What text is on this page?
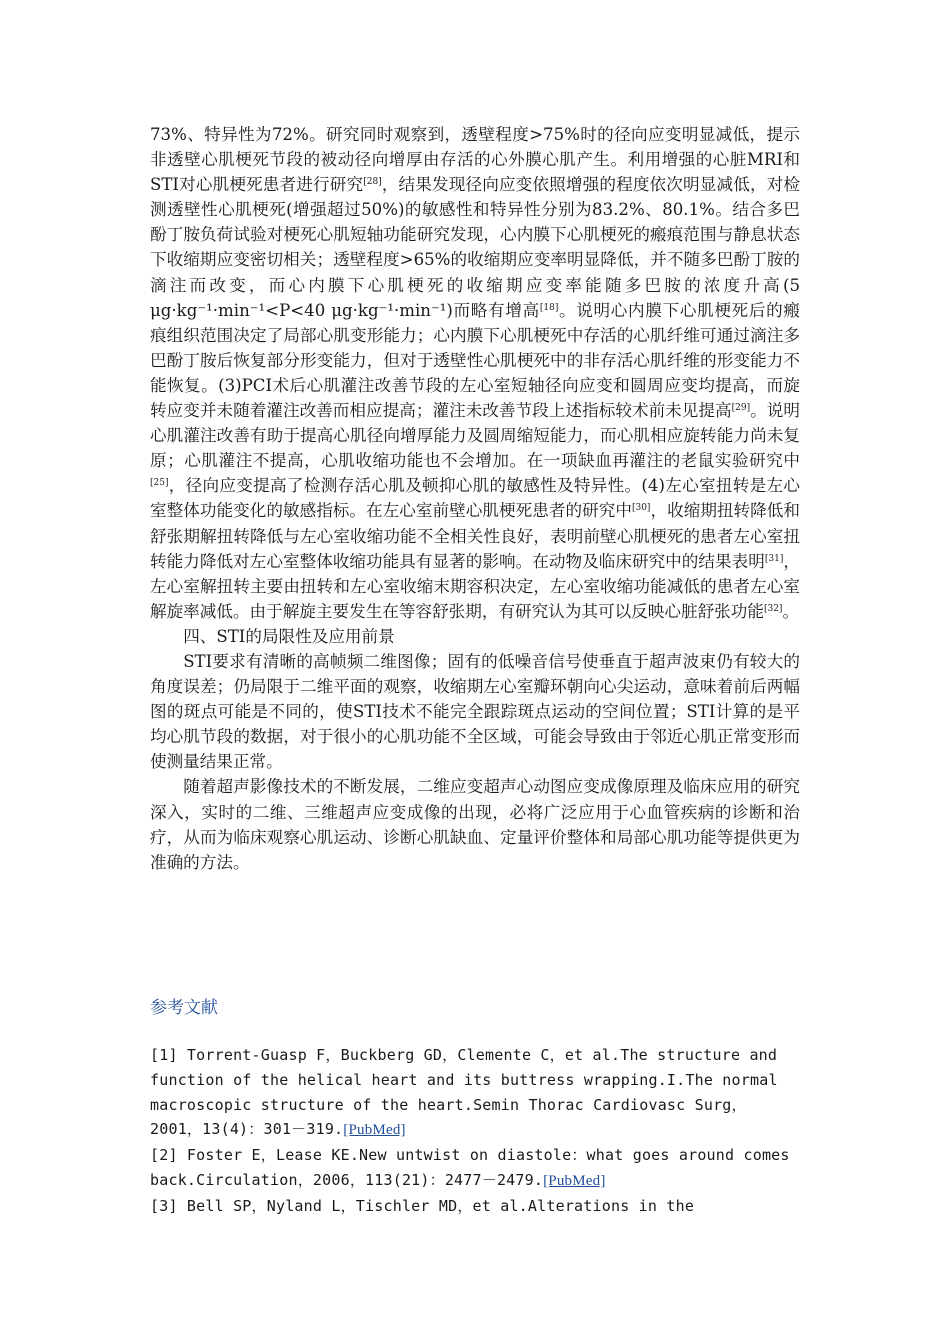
73%、特异性为72%。研究同时观察到，透壁程度>75%时的径向应变明显减低，提示非透壁心肌梗死节段的被动径向增厚由存活的心外膜心肌产生。利用增强的心脏MRI和STI对心肌梗死患者进行研究[28]，结果发现径向应变依照增强的程度依次明显减低，对检测透壁性心肌梗死(增强超过50%)的敏感性和特异性分别为83.2%、80.1%。结合多巴酚丁胺负荷试验对梗死心肌短轴功能研究发现，心内膜下心肌梗死的瘢痕范围与静息状态下收缩期应变密切相关；透壁程度>65%的收缩期应变率明显降低，并不随多巴酚丁胺的滴注而改变，而心内膜下心肌梗死的收缩期应变率能随多巴胺的浓度升高(5 μg·kg⁻¹·min⁻¹<P<40 μg·kg⁻¹·min⁻¹)而略有增高[18]。说明心内膜下心肌梗死后的瘢痕组织范围决定了局部心肌变形能力；心内膜下心肌梗死中存活的心肌纤维可通过滴注多巴酚丁胺后恢复部分形变能力，但对于透壁性心肌梗死中的非存活心肌纤维的形变能力不能恢复。(3)PCI术后心肌灌注改善节段的左心室短轴径向应变和圆周应变均提高，而旋转应变并未随着灌注改善而相应提高；灌注未改善节段上述指标较术前未见提高[29]。说明心肌灌注改善有助于提高心肌径向增厚能力及圆周缩短能力，而心肌相应旋转能力尚未复原；心肌灌注不提高，心肌收缩功能也不会增加。在一项缺血再灌注的老鼠实验研究中[25]，径向应变提高了检测存活心肌及顿抑心肌的敏感性及特异性。(4)左心室扭转是左心室整体功能变化的敏感指标。在左心室前壁心肌梗死患者的研究中[30]，收缩期扭转降低和舒张期解扭转降低与左心室收缩功能不全相关性良好，表明前壁心肌梗死的患者左心室扭转能力降低对左心室整体收缩功能具有显著的影响。在动物及临床研究中的结果表明[31]，左心室解扭转主要由扭转和左心室收缩末期容积决定，左心室收缩功能减低的患者左心室解旋率减低。由于解旋主要发生在等容舒张期，有研究认为其可以反映心脏舒张功能[32]。

四、STI的局限性及应用前景

STI要求有清晰的高帧频二维图像；固有的低噪音信号使垂直于超声波束仍有较大的角度误差；仍局限于二维平面的观察，收缩期左心室瓣环朝向心尖运动，意味着前后两幅图的斑点可能是不同的，使STI技术不能完全跟踪斑点运动的空间位置；STI计算的是平均心肌节段的数据，对于很小的心肌功能不全区域，可能会导致由于邻近心肌正常变形而使测量结果正常。

随着超声影像技术的不断发展，二维应变超声心动图应变成像原理及临床应用的研究深入，实时的二维、三维超声应变成像的出现，必将广泛应用于心血管疾病的诊断和治疗，从而为临床观察心肌运动、诊断心肌缺血、定量评价整体和局部心肌功能等提供更为准确的方法。

参考文献

[1] Torrent-Guasp F，Buckberg GD，Clemente C，et al.The structure and function of the helical heart and its buttress wrapping.I.The normal macroscopic structure of the heart.Semin Thorac Cardiovasc Surg，2001，13(4)：301－319.[PubMed]

[2] Foster E，Lease KE.New untwist on diastole：what goes around comes back.Circulation，2006，113(21)：2477－2479.[PubMed]

[3] Bell SP，Nyland L，Tischler MD，et al.Alterations in the
